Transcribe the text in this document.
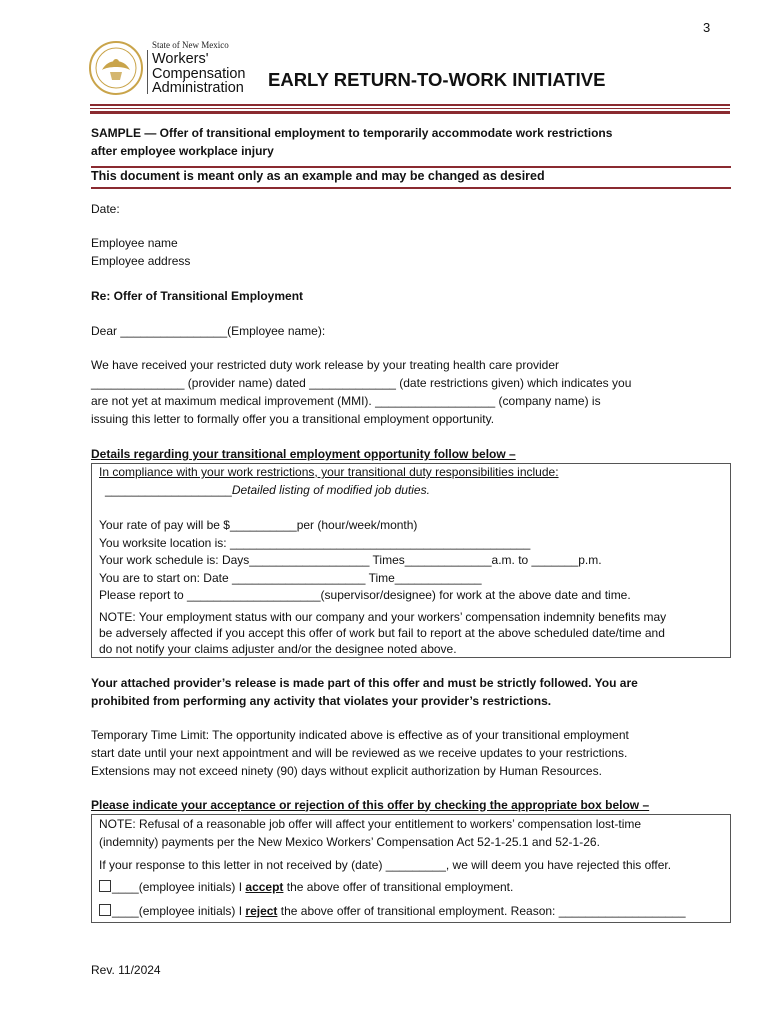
3
State of New Mexico
Workers'
Compensation
Administration EARLY RETURN-TO-WORK INITIATIVE

SAMPLE — Offer of transitional employment to temporarily accommodate work restrictions

after employee workplace injury

This document is meant only as an example and may be changed as desired

Date:

Employee name

Employee address

Re: Offer of Transitional Employment

Dear ________________(Employee name):

We have received your restricted duty work release by your treating health care provider

______________ (provider name) dated _____________ (date restrictions given) which indicates you

are not yet at maximum medical improvement (MMI). __________________ (company name) is

issuing this letter to formally offer you a transitional employment opportunity.

Details regarding your transitional employment opportunity follow below –

In compliance with your work restrictions, your transitional duty responsibilities include:

___________________Detailed listing of modified job duties.

Your rate of pay will be $__________per (hour/week/month)

You worksite location is: _____________________________________________

Your work schedule is: Days__________________ Times_____________a.m. to _______p.m.

You are to start on: Date ____________________ Time_____________

Please report to ____________________(supervisor/designee) for work at the above date and time.

NOTE: Your employment status with our company and your workers’ compensation indemnity benefits may

be adversely affected if you accept this offer of work but fail to report at the above scheduled date/time and

do not notify your claims adjuster and/or the designee noted above.

Your attached provider’s release is made part of this offer and must be strictly followed. You are

prohibited from performing any activity that violates your provider’s restrictions.

Temporary Time Limit: The opportunity indicated above is effective as of your transitional employment

start date until your next appointment and will be reviewed as we receive updates to your restrictions.

Extensions may not exceed ninety (90) days without explicit authorization by Human Resources.

Please indicate your acceptance or rejection of this offer by checking the appropriate box below –

NOTE: Refusal of a reasonable job offer will affect your entitlement to workers’ compensation lost-time

(indemnity) payments per the New Mexico Workers’ Compensation Act 52-1-25.1 and 52-1-26.

If your response to this letter in not received by (date) _________, we will deem you have rejected this offer.

____(employee initials) I accept the above offer of transitional employment.

____(employee initials) I reject the above offer of transitional employment. Reason: ___________________

Rev. 11/2024
